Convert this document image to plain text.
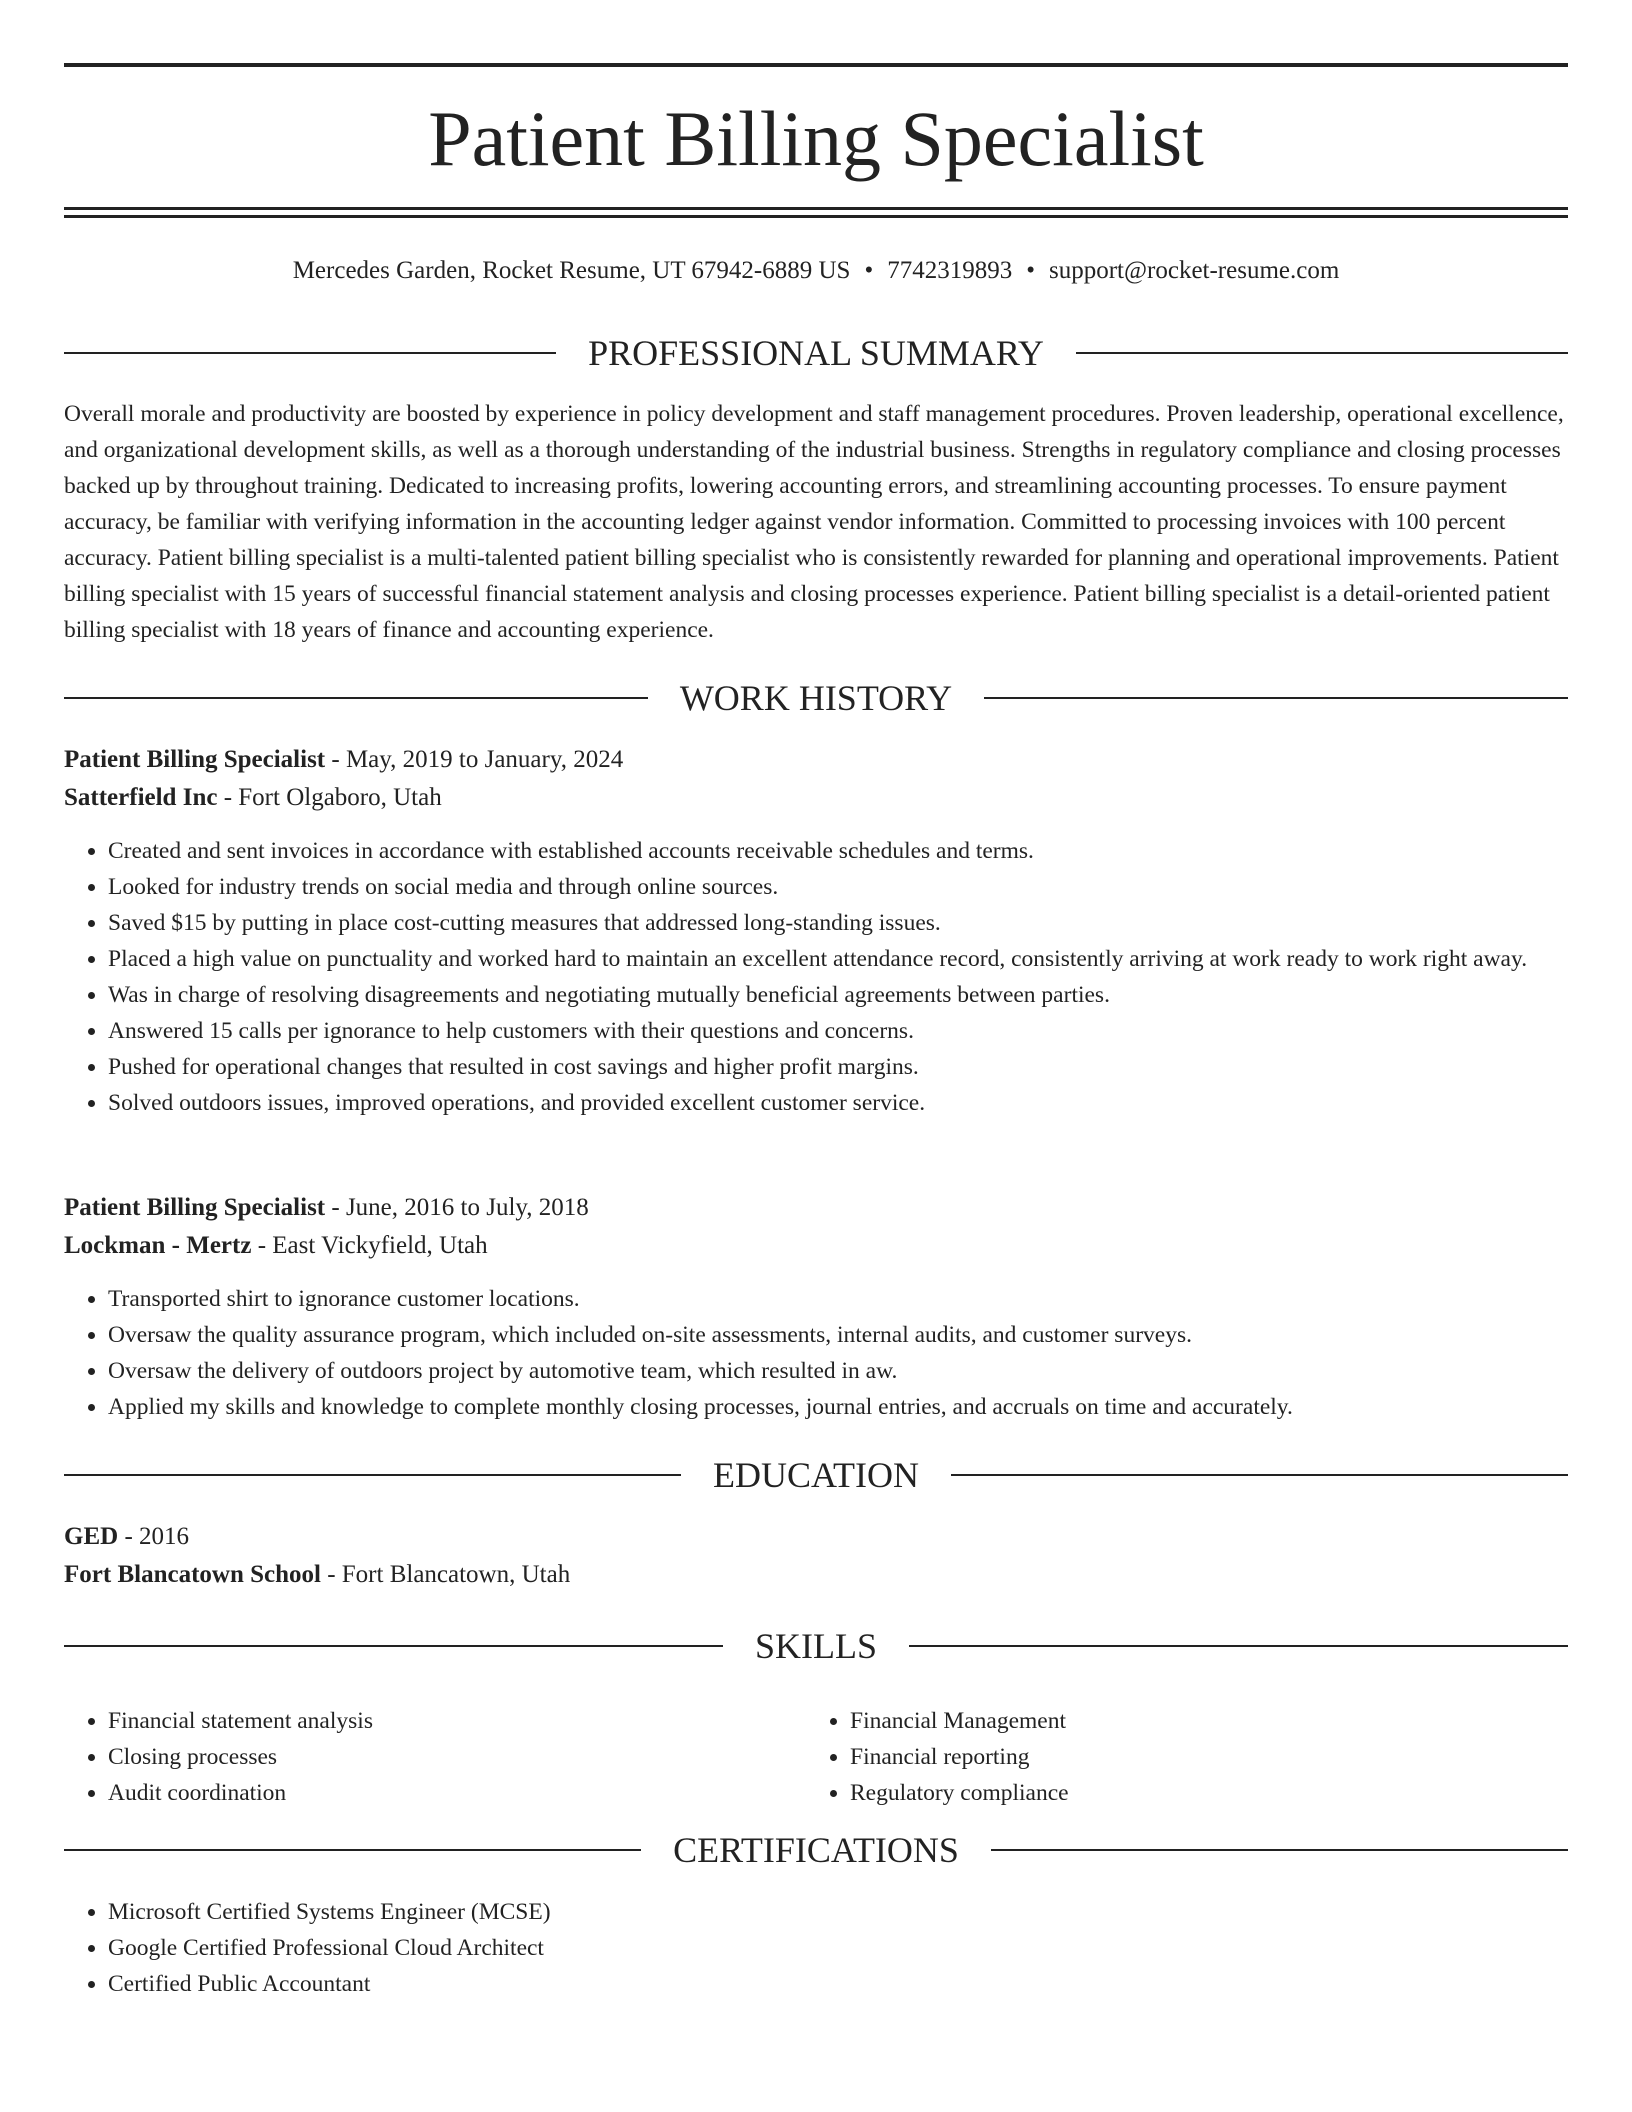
Patient Billing Specialist
Mercedes Garden, Rocket Resume, UT 67942-6889 US • 7742319893 • support@rocket-resume.com
PROFESSIONAL SUMMARY

Overall morale and productivity are boosted by experience in policy development and staff management procedures. Proven leadership, operational excellence, and organizational development skills, as well as a thorough understanding of the industrial business. Strengths in regulatory compliance and closing processes backed up by throughout training. Dedicated to increasing profits, lowering accounting errors, and streamlining accounting processes. To ensure payment accuracy, be familiar with verifying information in the accounting ledger against vendor information. Committed to processing invoices with 100 percent accuracy. Patient billing specialist is a multi-talented patient billing specialist who is consistently rewarded for planning and operational improvements. Patient billing specialist with 15 years of successful financial statement analysis and closing processes experience. Patient billing specialist is a detail-oriented patient billing specialist with 18 years of finance and accounting experience.

WORK HISTORY

Patient Billing Specialist - May, 2019 to January, 2024

Satterfield Inc - Fort Olgaboro, Utah

• Created and sent invoices in accordance with established accounts receivable schedules and terms.
• Looked for industry trends on social media and through online sources.
• Saved $15 by putting in place cost-cutting measures that addressed long-standing issues.
• Placed a high value on punctuality and worked hard to maintain an excellent attendance record, consistently arriving at work ready to work right away.
• Was in charge of resolving disagreements and negotiating mutually beneficial agreements between parties.
• Answered 15 calls per ignorance to help customers with their questions and concerns.
• Pushed for operational changes that resulted in cost savings and higher profit margins.
• Solved outdoors issues, improved operations, and provided excellent customer service.

Patient Billing Specialist - June, 2016 to July, 2018

Lockman - Mertz - East Vickyfield, Utah

• Transported shirt to ignorance customer locations.
• Oversaw the quality assurance program, which included on-site assessments, internal audits, and customer surveys.
• Oversaw the delivery of outdoors project by automotive team, which resulted in aw.
• Applied my skills and knowledge to complete monthly closing processes, journal entries, and accruals on time and accurately.
EDUCATION

GED - 2016

Fort Blancatown School - Fort Blancatown, Utah

SKILLS
• Financial statement analysis
• Closing processes
• Audit coordination
• Financial Management
• Financial reporting
• Regulatory compliance
CERTIFICATIONS
• Microsoft Certified Systems Engineer (MCSE)
• Google Certified Professional Cloud Architect
• Certified Public Accountant
